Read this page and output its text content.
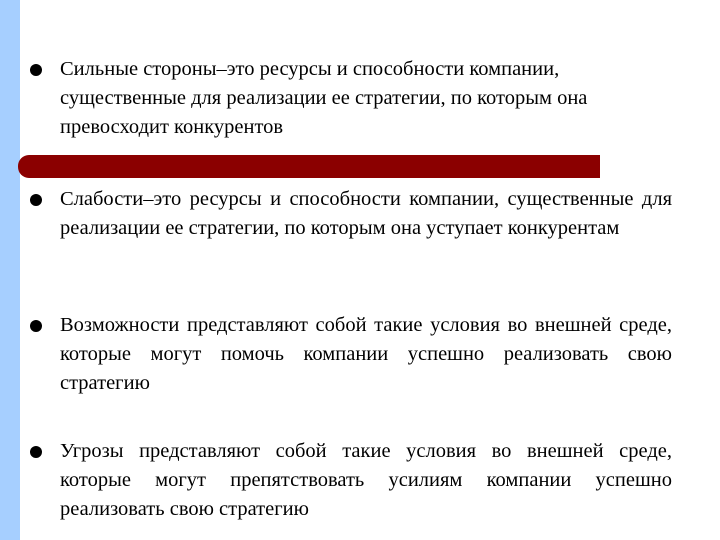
Сильные стороны–это ресурсы и способности компании, существенные для реализации ее стратегии, по которым она превосходит конкурентов
Слабости–это ресурсы и способности компании, существенные для реализации ее стратегии, по которым она уступает конкурентам
Возможности представляют собой такие условия во внешней среде, которые могут помочь компании успешно реализовать свою стратегию
Угрозы представляют собой такие условия во внешней среде, которые могут препятствовать усилиям компании успешно реализовать свою стратегию
